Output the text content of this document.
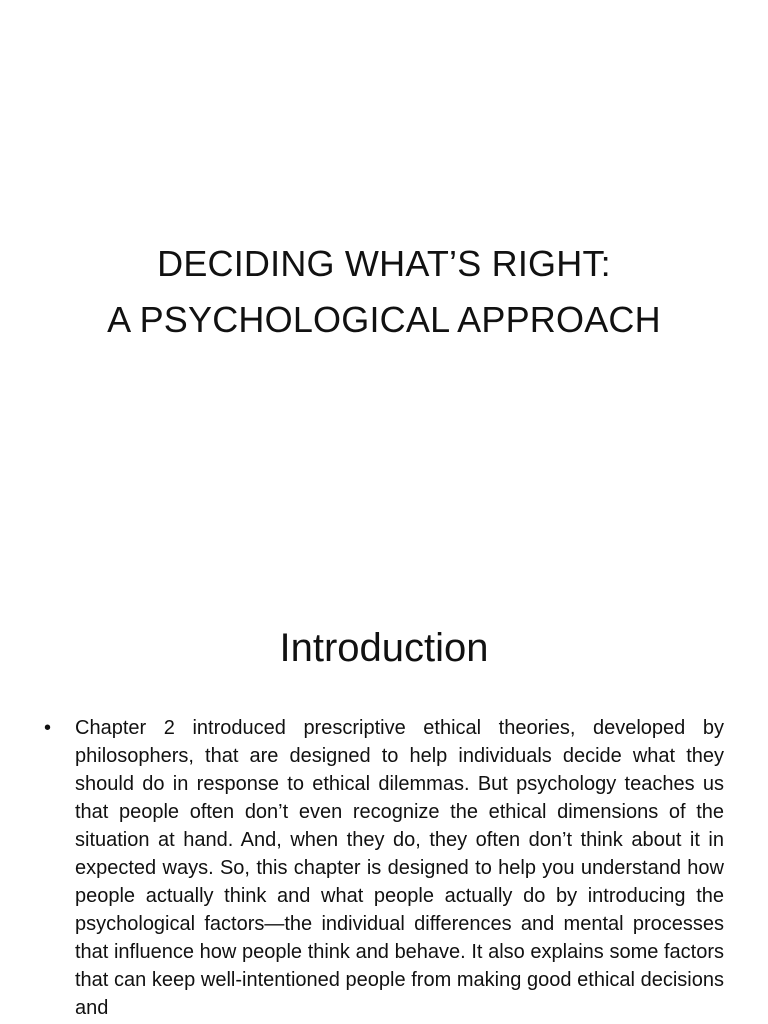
DECIDING WHAT’S RIGHT:
A PSYCHOLOGICAL APPROACH
Introduction
• Chapter 2 introduced prescriptive ethical theories, developed by philosophers, that are designed to help individuals decide what they should do in response to ethical dilemmas. But psychology teaches us that people often don’t even recognize the ethical dimensions of the situation at hand. And, when they do, they often don’t think about it in expected ways. So, this chapter is designed to help you understand how people actually think and what people actually do by introducing the psychological factors—the individual differences and mental processes that influence how people think and behave. It also explains some factors that can keep well-intentioned people from making good ethical decisions and
